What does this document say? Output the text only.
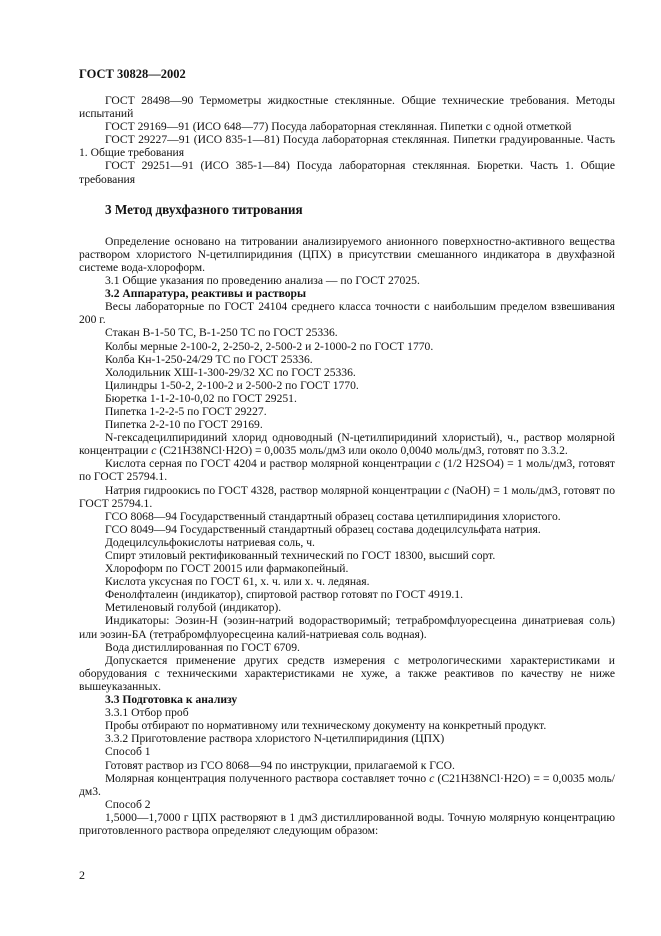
ГОСТ 30828—2002

ГОСТ 28498—90 Термометры жидкостные стеклянные. Общие технические требования. Методы испытаний

ГОСТ 29169—91 (ИСО 648—77) Посуда лабораторная стеклянная. Пипетки с одной отметкой

ГОСТ 29227—91 (ИСО 835-1—81) Посуда лабораторная стеклянная. Пипетки градуированные. Часть 1. Общие требования

ГОСТ 29251—91 (ИСО 385-1—84) Посуда лабораторная стеклянная. Бюретки. Часть 1. Общие требования

3 Метод двухфазного титрования

Определение основано на титровании анализируемого анионного поверхностно-активного вещества раствором хлористого N-цетилпиридиния (ЦПХ) в присутствии смешанного индикатора в двухфазной системе вода-хлороформ.

3.1 Общие указания по проведению анализа — по ГОСТ 27025.

3.2 Аппаратура, реактивы и растворы

Весы лабораторные по ГОСТ 24104 среднего класса точности с наибольшим пределом взвешивания 200 г.

Стакан В-1-50 ТС, В-1-250 ТС по ГОСТ 25336.

Колбы мерные 2-100-2, 2-250-2, 2-500-2 и 2-1000-2 по ГОСТ 1770.

Колба Кн-1-250-24/29 ТС по ГОСТ 25336.

Холодильник ХШ-1-300-29/32 ХС по ГОСТ 25336.

Цилиндры 1-50-2, 2-100-2 и 2-500-2 по ГОСТ 1770.

Бюретка 1-1-2-10-0,02 по ГОСТ 29251.

Пипетка 1-2-2-5 по ГОСТ 29227.

Пипетка 2-2-10 по ГОСТ 29169.

N-гексадецилпиридиний хлорид одноводный (N-цетилпиридиний хлористый), ч., раствор молярной концентрации c (C21H38NCl·H2O) = 0,0035 моль/дм3 или около 0,0040 моль/дм3, готовят по 3.3.2.

Кислота серная по ГОСТ 4204 и раствор молярной концентрации c (1/2 H2SO4) = 1 моль/дм3, готовят по ГОСТ 25794.1.

Натрия гидроокись по ГОСТ 4328, раствор молярной концентрации c (NaOH) = 1 моль/дм3, готовят по ГОСТ 25794.1.

ГСО 8068—94 Государственный стандартный образец состава цетилпиридиния хлористого.

ГСО 8049—94 Государственный стандартный образец состава додецилсульфата натрия.

Додецилсульфокислоты натриевая соль, ч.

Спирт этиловый ректификованный технический по ГОСТ 18300, высший сорт.

Хлороформ по ГОСТ 20015 или фармакопейный.

Кислота уксусная по ГОСТ 61, х. ч. или х. ч. ледяная.

Фенолфталеин (индикатор), спиртовой раствор готовят по ГОСТ 4919.1.

Метиленовый голубой (индикатор).

Индикаторы: Эозин-Н (эозин-натрий водорастворимый; тетрабромфлуоресцеина динатриевая соль) или эозин-БА (тетрабромфлуоресцеина калий-натриевая соль водная).

Вода дистиллированная по ГОСТ 6709.

Допускается применение других средств измерения с метрологическими характеристиками и оборудования с техническими характеристиками не хуже, а также реактивов по качеству не ниже вышеуказанных.

3.3 Подготовка к анализу

3.3.1 Отбор проб

Пробы отбирают по нормативному или техническому документу на конкретный продукт.

3.3.2 Приготовление раствора хлористого N-цетилпиридиния (ЦПХ)

Способ 1

Готовят раствор из ГСО 8068—94 по инструкции, прилагаемой к ГСО.

Молярная концентрация полученного раствора составляет точно c (C21H38NCl·H2O) = = 0,0035 моль/дм3.

Способ 2

1,5000—1,7000 г ЦПХ растворяют в 1 дм3 дистиллированной воды. Точную молярную концентрацию приготовленного раствора определяют следующим образом:

2
